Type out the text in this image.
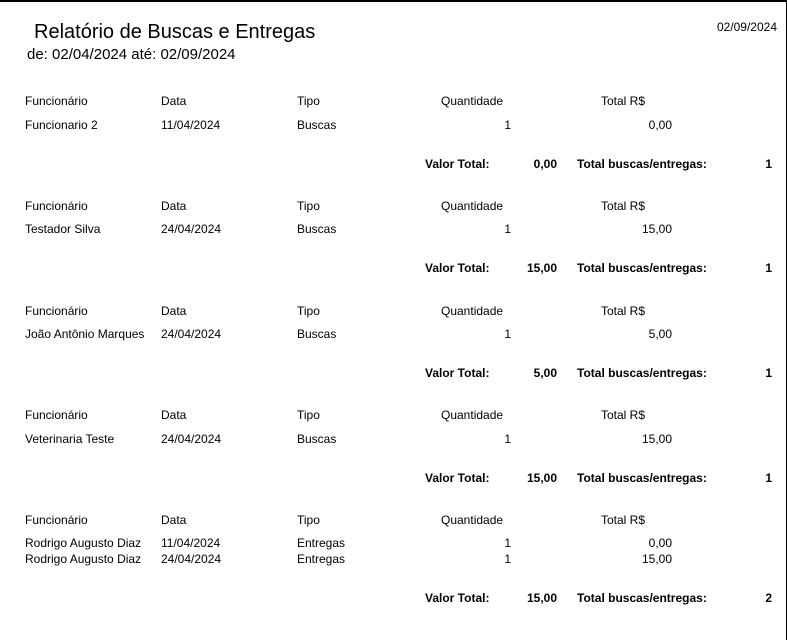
Relatório de Buscas e Entregas
de: 02/04/2024 até: 02/09/2024
02/09/2024
Funcionário	Data	Tipo	Quantidade	Total R$
Funcionario 2	11/04/2024	Buscas	1	0,00
Valor Total:	0,00 Total buscas/entregas:	1
Funcionário	Data	Tipo	Quantidade	Total R$
Testador Silva	24/04/2024	Buscas	1	15,00
Valor Total:	15,00 Total buscas/entregas:	1
Funcionário	Data	Tipo	Quantidade	Total R$
João Antônio Marques 24/04/2024	Buscas	1	5,00
Valor Total:	5,00 Total buscas/entregas:	1
Funcionário	Data	Tipo	Quantidade	Total R$
Veterinaria Teste	24/04/2024	Buscas	1	15,00
Valor Total:	15,00 Total buscas/entregas:	1
Funcionário	Data	Tipo	Quantidade	Total R$
Rodrigo Augusto Diaz 11/04/2024	Entregas	1	0,00
Rodrigo Augusto Diaz 24/04/2024	Entregas	1	15,00
Valor Total:	15,00 Total buscas/entregas:	2
